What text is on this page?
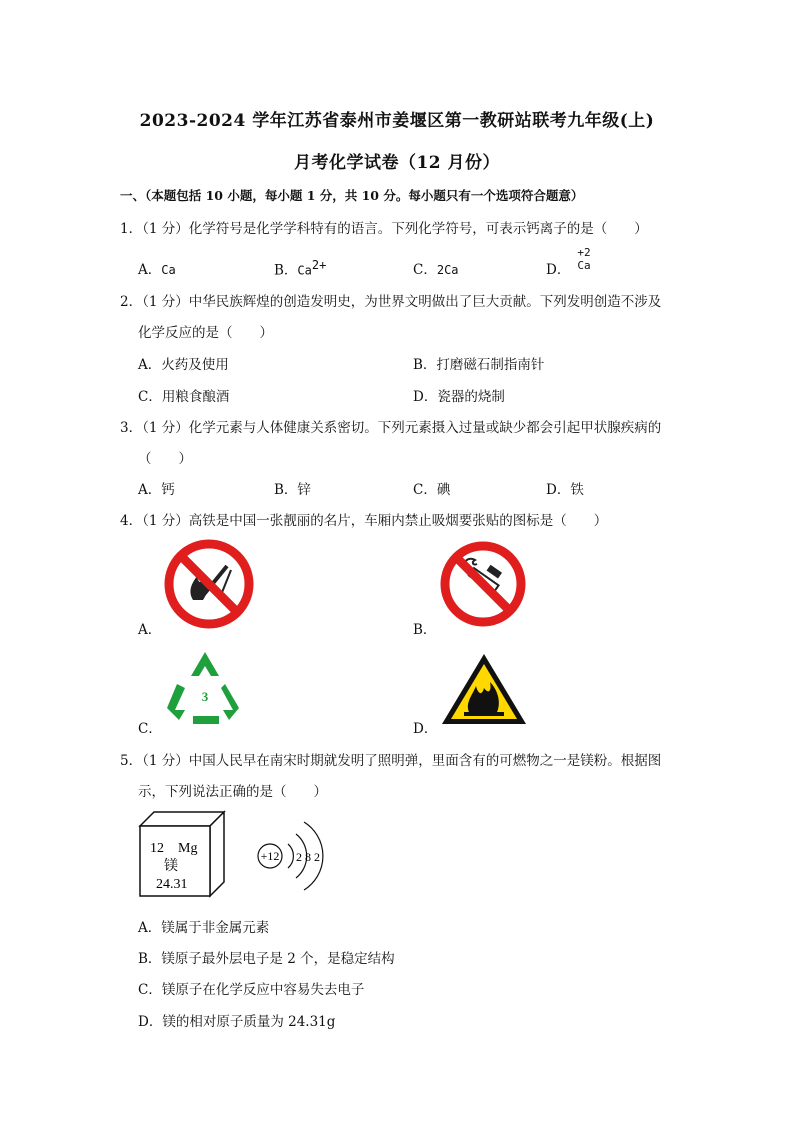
2023-2024 学年江苏省泰州市姜堰区第一教研站联考九年级(上)
月考化学试卷（12 月份）
一、（本题包括 10 小题，每小题 1 分，共 10 分。每小题只有一个选项符合题意）
1．（1 分）化学符号是化学学科特有的语言。下列化学符号，可表示钙离子的是（　　）
A．Ca	B．$Ca^{2+}$	C．2Ca	D．
+2
Ca
2．（1 分）中华民族辉煌的创造发明史，为世界文明做出了巨大贡献。下列发明创造不涉及
化学反应的是（　　）
A．火药及使用	B．打磨磁石制指南针
C．用粮食酿酒	D．瓷器的烧制
3．（1 分）化学元素与人体健康关系密切。下列元素摄入过量或缺少都会引起甲状腺疾病的
（　　）
A．钙	B．锌	C．碘	D．铁
4．（1 分）高铁是中国一张靓丽的名片，车厢内禁止吸烟要张贴的图标是（　　）
A．	B．
C．
3
D．
5．（1 分）中国人民早在南宋时期就发明了照明弹，里面含有的可燃物之一是镁粉。根据图
示，下列说法正确的是（　　）
12 Mg
镁
24.31
+12 2 8 2
A．镁属于非金属元素
B．镁原子最外层电子是 2 个，是稳定结构
C．镁原子在化学反应中容易失去电子
D．镁的相对原子质量为 24.31g
